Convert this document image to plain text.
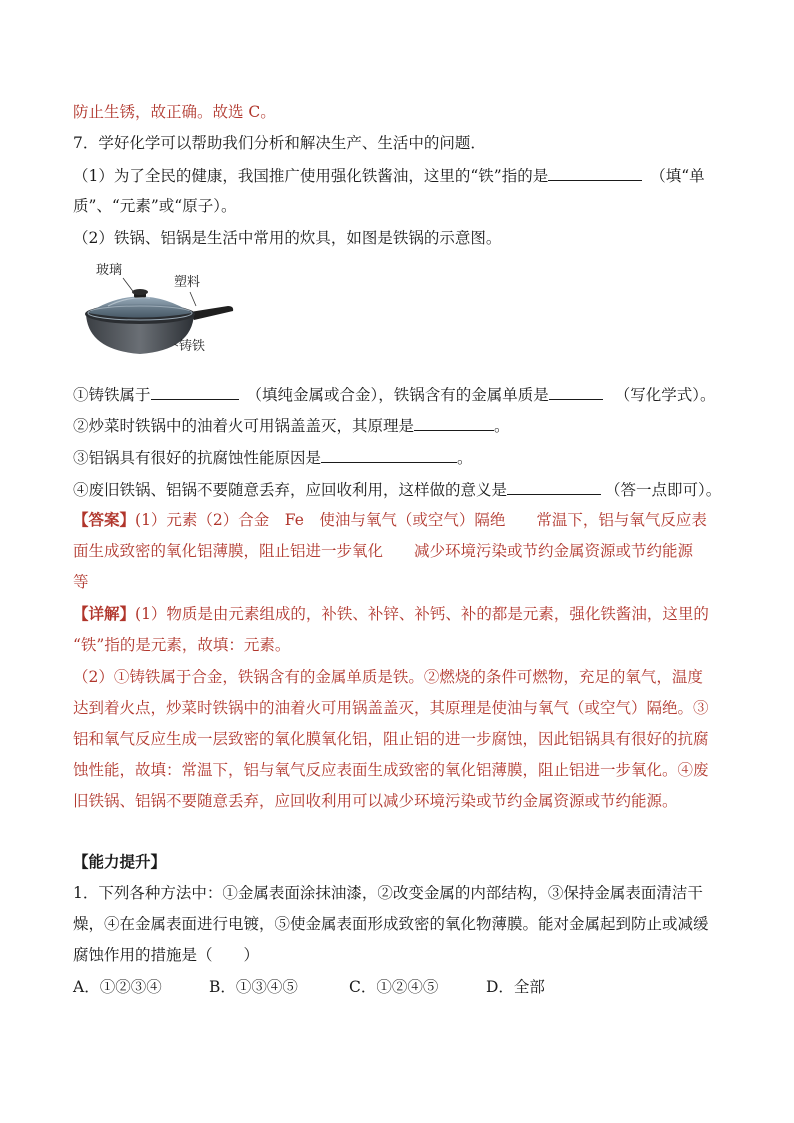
防止生锈，故正确。故选 C。
7．学好化学可以帮助我们分析和解决生产、生活中的问题．
（1）为了全民的健康，我国推广使用强化铁酱油，这里的“铁”指的是	（填“单
质”、“元素”或“原子）。
（2）铁锅、铝锅是生活中常用的炊具，如图是铁锅的示意图。
玻璃
塑料
铸铁
①铸铁属于	（填纯金属或合金），铁锅含有的金属单质是	（写化学式）。
②炒菜时铁锅中的油着火可用锅盖盖灭，其原理是	。
③铝锅具有很好的抗腐蚀性能原因是	。
④废旧铁锅、铝锅不要随意丢弃，应回收利用，这样做的意义是	（答一点即可）。
【答案】(1）元素（2）合金　Fe　使油与氧气（或空气）隔绝　　常温下，铝与氧气反应表
面生成致密的氧化铝薄膜，阻止铝进一步氧化　　减少环境污染或节约金属资源或节约能源
等
【详解】(1）物质是由元素组成的，补铁、补锌、补钙、补的都是元素，强化铁酱油，这里的
“铁”指的是元素，故填：元素。
（2）①铸铁属于合金，铁锅含有的金属单质是铁。②燃烧的条件可燃物，充足的氧气，温度
达到着火点，炒菜时铁锅中的油着火可用锅盖盖灭，其原理是使油与氧气（或空气）隔绝。③
铝和氧气反应生成一层致密的氧化膜氧化铝，阻止铝的进一步腐蚀，因此铝锅具有很好的抗腐
蚀性能，故填：常温下，铝与氧气反应表面生成致密的氧化铝薄膜，阻止铝进一步氧化。④废
旧铁锅、铝锅不要随意丢弃，应回收利用可以减少环境污染或节约金属资源或节约能源。
【能力提升】
1．下列各种方法中：①金属表面涂抹油漆，②改变金属的内部结构，③保持金属表面清洁干
燥，④在金属表面进行电镀，⑤使金属表面形成致密的氧化物薄膜。能对金属起到防止或减缓
腐蚀作用的措施是（　　）
A．①②③④	B．①③④⑤	C．①②④⑤	D．全部
